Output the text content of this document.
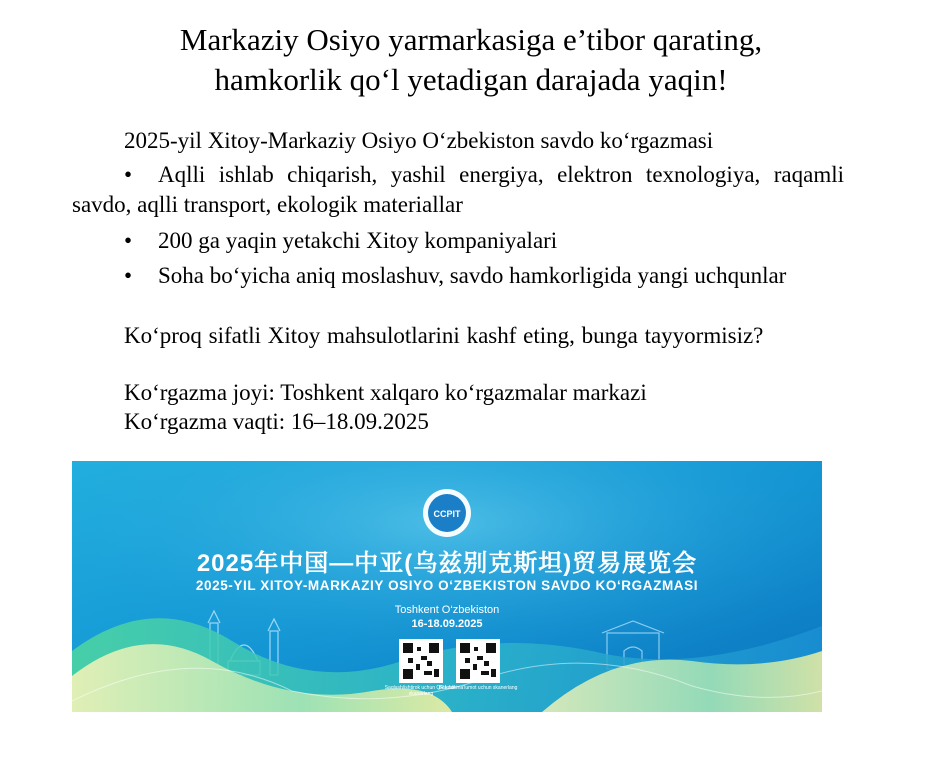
Markaziy Osiyo yarmarkasiga e’tibor qarating,
hamkorlik qo‘l yetadigan darajada yaqin!

2025-yil Xitoy-Markaziy Osiyo O‘zbekiston savdo ko‘rgazmasi

• Aqlli ishlab chiqarish, yashil energiya, elektron texnologiya, raqamli savdo, aqlli transport, ekologik materiallar
• 200 ga yaqin yetakchi Xitoy kompaniyalari
• Soha bo‘yicha aniq moslashuv, savdo hamkorligida yangi uchqunlar

Ko‘proq sifatli Xitoy mahsulotlarini kashf eting, bunga tayyormisiz?

Ko‘rgazma joyi: Toshkent xalqaro ko‘rgazmalar markazi

Ko‘rgazma vaqti: 16–18.09.2025

CCPIT
2025年中国—中亚(乌兹别克斯坦)贸易展览会
2025-YIL XITOY-MARKAZIY OSIYO O‘ZBEKISTON SAVDO KO‘RGAZMASI
Toshkent O‘zbekiston
16-18.09.2025
Saqlash/ishtirok uchun QR kodni skanerlang
Batafsil ma'lumot uchun skanerlang
